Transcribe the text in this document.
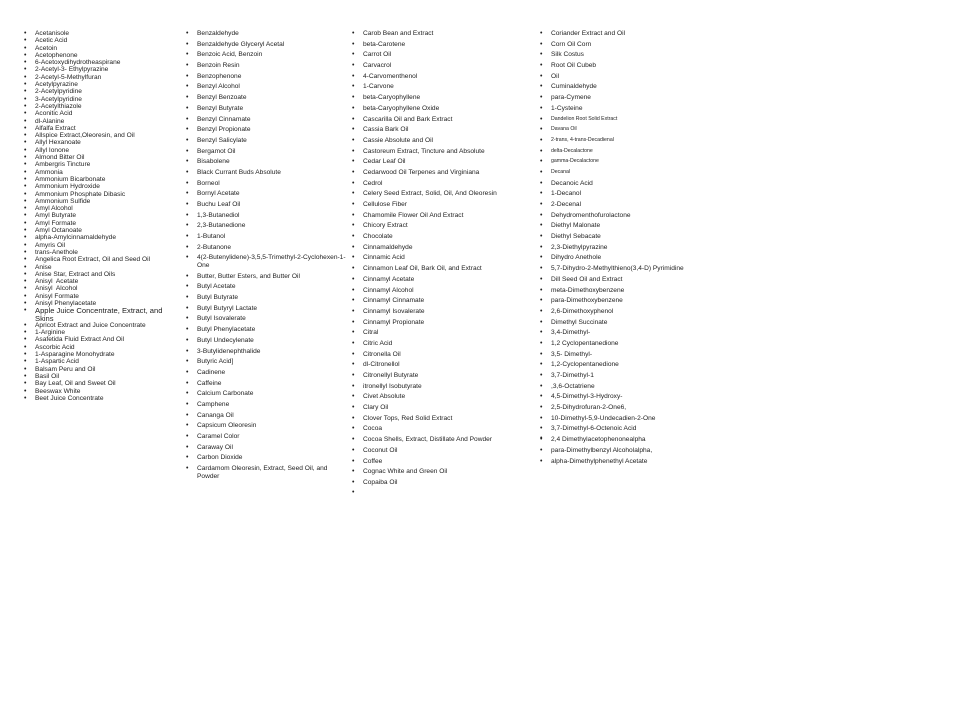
• Acetanisole
• Acetic Acid
• Acetoin
• Acetophenone
• 6-Acetoxydihydrotheaspirane
• 2-Acetyl-3- Ethylpyrazine
• 2-Acetyl-5-Methylfuran
• Acetylpyrazine
• 2-Acetylpyridine
• 3-Acetylpyridine
• 2-Acetylthiazole
• Aconitic Acid
• dl-Alanine
• Alfalfa Extract
• Allspice Extract,Oleoresin, and Oil
• Allyl Hexanoate
• Allyl Ionone
• Almond Bitter Oil
• Ambergris Tincture
• Ammonia
• Ammonium Bicarbonate
• Ammonium Hydroxide
• Ammonium Phosphate Dibasic
• Ammonium Sulfide
• Amyl Alcohol
• Amyl Butyrate
• Amyl Formate
• Amyl Octanoate
• alpha-Amylcinnamaldehyde
• Amyris Oil
• trans-Anethole
• Angelica Root Extract, Oil and Seed Oil
• Anise
• Anise Star, Extract and Oils
• Anisyl  Acetate
• Anisyl  Alcohol
• Anisyl Formate
• Anisyl Phenylacetate
• Apple Juice Concentrate, Extract, and Skins
• Apricot Extract and Juice Concentrate
• 1-Arginine
• Asafetida Fluid Extract And Oil
• Ascorbic Acid
• 1-Asparagine Monohydrate
• 1-Aspartic Acid
• Balsam Peru and Oil
• Basil Oil
• Bay Leaf, Oil and Sweet Oil
• Beeswax White
• Beet Juice Concentrate
• Benzaldehyde
• Benzaldehyde Glyceryl Acetal
• Benzoic Acid, Benzoin
• Benzoin Resin
• Benzophenone
• Benzyl Alcohol
• Benzyl Benzoate
• Benzyl Butyrate
• Benzyl Cinnamate
• Benzyl Propionate
• Benzyl Salicylate
• Bergamot Oil
• Bisabolene
• Black Currant Buds Absolute
• Borneol
• Bornyl Acetate
• Buchu Leaf Oil
• 1,3-Butanediol
• 2,3-Butanedione
• 1-Butanol
• 2-Butanone
• 4(2-Butenylidene)-3,5,5-Trimethyl-2-Cyclohexen-1-One
• Butter, Butter Esters, and Butter Oil
• Butyl Acetate
• Butyl Butyrate
• Butyl Butyryl Lactate
• Butyl Isovalerate
• Butyl Phenylacetate
• Butyl Undecylenate
• 3-Butylidenephthalide
• Butyric Acid]
• Cadinene
• Caffeine
• Calcium Carbonate
• Camphene
• Cananga Oil
• Capsicum Oleoresin
• Caramel Color
• Caraway Oil
• Carbon Dioxide
• Cardamom Oleoresin, Extract, Seed Oil, and Powder
• Carob Bean and Extract
• beta-Carotene
• Carrot Oil
• Carvacrol
• 4-Carvomenthenol
• 1-Carvone
• beta-Caryophyllene
• beta-Caryophyllene Oxide
• Cascarilla Oil and Bark Extract
• Cassia Bark Oil
• Cassie Absolute and Oil
• Castoreum Extract, Tincture and Absolute
• Cedar Leaf Oil
• Cedarwood Oil Terpenes and Virginiana
• Cedrol
• Celery Seed Extract, Solid, Oil, And Oleoresin
• Cellulose Fiber
• Chamomile Flower Oil And Extract
• Chicory Extract
• Chocolate
• Cinnamaldehyde
• Cinnamic Acid
• Cinnamon Leaf Oil, Bark Oil, and Extract
• Cinnamyl Acetate
• Cinnamyl Alcohol
• Cinnamyl Cinnamate
• Cinnamyl Isovalerate
• Cinnamyl Propionate
• Citral
• Citric Acid
• Citronella Oil
• dl-Citronellol
• Citronellyl Butyrate
• itronellyl Isobutyrate
• Civet Absolute
• Clary Oil
• Clover Tops, Red Solid Extract
• Cocoa
• Cocoa Shells, Extract, Distillate And Powder
• Coconut Oil
• Coffee
• Cognac White and Green Oil
• Copaiba Oil
• Coriander Extract and Oil
• Corn Oil Corn
• Silk Costus
• Root Oil Cubeb
• Oil
• Cuminaldehyde
• para-Cymene
• 1-Cysteine
• Dandelion Root Solid Extract
• Davana Oil
• 2-trans, 4-trans-Decadienal
• delta-Decalactone
• gamma-Decalactone
• Decanal
• Decanoic Acid
• 1-Decanol
• 2-Decenal
• Dehydromenthofurolactone
• Diethyl Malonate
• Diethyl Sebacate
• 2,3-Diethylpyrazine
• Dihydro Anethole
• 5,7-Dihydro-2-Methylthieno(3,4-D) Pyrimidine
• Dill Seed Oil and Extract
• meta-Dimethoxybenzene
• para-Dimethoxybenzene
• 2,6-Dimethoxyphenol
• Dimethyl Succinate
• 3,4-Dimethyl-
• 1,2 Cyclopentanedione
• 3,5- Dimethyl-
• 1,2-Cyclopentanedione
• 3,7-Dimethyl-1
• ,3,6-Octatriene
• 4,5-Dimethyl-3-Hydroxy-
• 2,5-Dihydrofuran-2-One6,
• 10-Dimethyl-5,9-Undecadien-2-One
• 3,7-Dimethyl-6-Octenoic Acid
• 2,4 Dimethylacetophenonealpha
• para-Dimethylbenzyl Alcoholalpha,
• alpha-Dimethylphenethyl Acetate
